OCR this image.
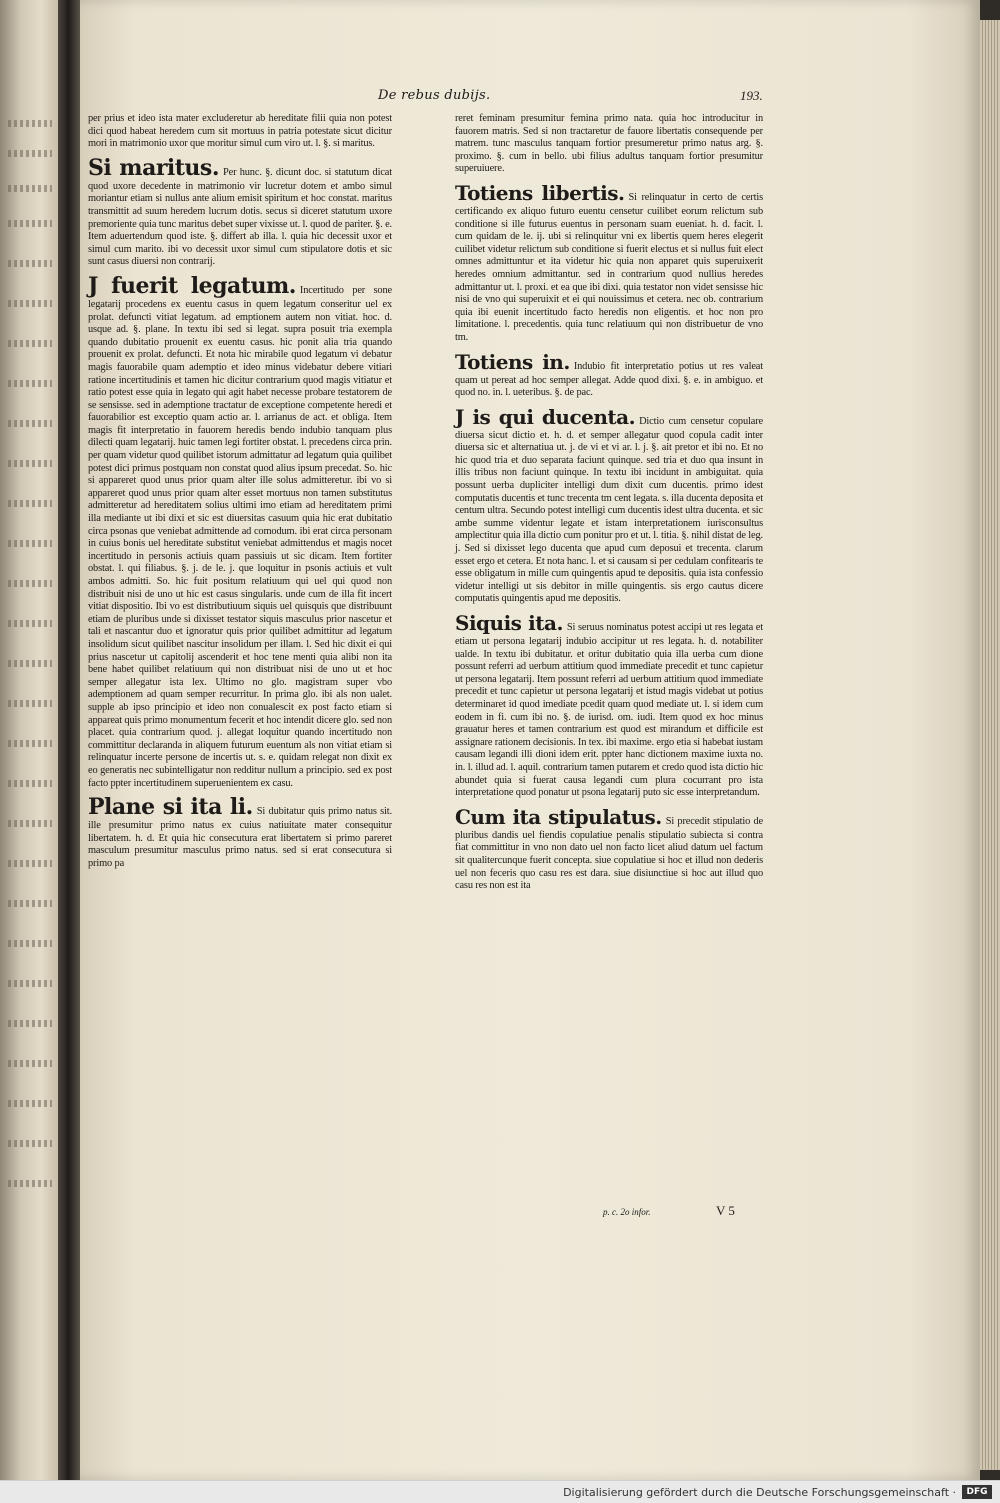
De rebus dubijs.	193.

per prius et ideo ista mater excluderetur ab hereditate filii quia non potest dici quod habeat heredem cum sit mortuus in patria potestate sicut dicitur mori in matrimonio uxor que moritur simul cum viro ut. l. §. si maritus.

Si maritus. Per hunc. §. dicunt doc. si statutum dicat quod uxore decedente in matrimonio vir lucretur dotem et ambo simul moriantur etiam si nullus ante alium emisit spiritum et hoc constat. maritus transmittit ad suum heredem lucrum dotis. secus si diceret statutum uxore premoriente quia tunc maritus debet super vixisse ut. l. quod de pariter. §. e. Item aduertendum quod iste. §. differt ab illa. l. quia hic decessit uxor et simul cum marito. ibi vo decessit uxor simul cum stipulatore dotis et sic sunt casus diuersi non contrarij.

J fuerit legatum. Incertitudo per sone legatarij procedens ex euentu casus in quem legatum conseritur uel ex prolat. defuncti vitiat legatum. ad emptionem autem non vitiat. hoc. d. usque ad. §. plane. In textu ibi sed si legat. supra posuit tria exempla quando dubitatio prouenit ex euentu casus. hic ponit alia tria quando prouenit ex prolat. defuncti. Et nota hic mirabile quod legatum vi debatur magis fauorabile quam ademptio et ideo minus videbatur debere vitiari ratione incertitudinis et tamen hic dicitur contrarium quod magis vitiatur et ratio potest esse quia in legato qui agit habet necesse probare testatorem de se sensisse. sed in ademptione tractatur de exceptione competente heredi et fauorabilior est exceptio quam actio ar. l. arrianus de act. et obliga. Item magis fit interpretatio in fauorem heredis bendo indubio tanquam plus dilecti quam legatarij. huic tamen legi fortiter obstat. l. precedens circa prin. per quam videtur quod quilibet istorum admittatur ad legatum quia quilibet potest dici primus postquam non constat quod alius ipsum precedat. So. hic si appareret quod unus prior quam alter ille solus admitteretur. ibi vo si appareret quod unus prior quam alter esset mortuus non tamen substitutus admitteretur ad hereditatem solius ultimi imo etiam ad hereditatem primi illa mediante ut ibi dixi et sic est diuersitas casuum quia hic erat dubitatio circa psonas que veniebat admittende ad comodum. ibi erat circa personam in cuius bonis uel hereditate substitut veniebat admittendus et magis nocet incertitudo in personis actiuis quam passiuis ut sic dicam. Item fortiter obstat. l. qui filiabus. §. j. de le. j. que loquitur in psonis actiuis et vult ambos admitti. So. hic fuit positum relatiuum qui uel qui quod non distribuit nisi de uno ut hic est casus singularis. unde cum de illa fit incert vitiat dispositio. Ibi vo est distributiuum siquis uel quisquis que distribuunt etiam de pluribus unde si dixisset testator siquis masculus prior nascetur et tali et nascantur duo et ignoratur quis prior quilibet admittitur ad legatum insolidum sicut quilibet nascitur insolidum per illam. l. Sed hic dixit ei qui prius nascetur ut capitolij ascenderit et hoc tene menti quia alibi non ita bene habet quilibet relatiuum qui non distribuat nisi de uno ut et hoc semper allegatur ista lex. Ultimo no glo. magistram super vbo ademptionem ad quam semper recurritur. In prima glo. ibi als non ualet. supple ab ipso principio et ideo non conualescit ex post facto etiam si appareat quis primo monumentum fecerit et hoc intendit dicere glo. sed non placet. quia contrarium quod. j. allegat loquitur quando incertitudo non committitur declaranda in aliquem futurum euentum als non vitiat etiam si relinquatur incerte persone de incertis ut. s. e. quidam relegat non dixit ex eo generatis nec subintelligatur non redditur nullum a principio. sed ex post facto ppter incertitudinem superuenientem ex casu.

Plane si ita li. Si dubitatur quis primo natus sit. ille presumitur primo natus ex cuius natiuitate mater consequitur libertatem. h. d. Et quia hic consecutura erat libertatem si primo pareret masculum presumitur masculus primo natus. sed si erat consecutura si primo pa

reret feminam presumitur femina primo nata. quia hoc introducitur in fauorem matris. Sed si non tractaretur de fauore libertatis consequende per matrem. tunc masculus tanquam fortior presumeretur primo natus arg. §. proximo. §. cum in bello. ubi filius adultus tanquam fortior presumitur superuiuere.

Totiens libertis. Si relinquatur in certo de certis certificando ex aliquo futuro euentu censetur cuilibet eorum relictum sub conditione si ille futurus euentus in personam suam eueniat. h. d. facit. l. cum quidam de le. ij. ubi si relinquitur vni ex libertis quem heres elegerit cuilibet videtur relictum sub conditione si fuerit electus et si nullus fuit elect omnes admittuntur et ita videtur hic quia non apparet quis superuixerit heredes omnium admittantur. sed in contrarium quod nullius heredes admittantur ut. l. proxi. et ea que ibi dixi. quia testator non videt sensisse hic nisi de vno qui superuixit et ei qui nouissimus et cetera. nec ob. contrarium quia ibi euenit incertitudo facto heredis non eligentis. et hoc non pro limitatione. l. precedentis. quia tunc relatiuum qui non distribuetur de vno tm.

Totiens in. Indubio fit interpretatio potius ut res valeat quam ut pereat ad hoc semper allegat. Adde quod dixi. §. e. in ambiguo. et quod no. in. l. ueteribus. §. de pac.

J is qui ducenta. Dictio cum censetur copulare diuersa sicut dictio et. h. d. et semper allegatur quod copula cadit inter diuersa sic et alternatiua ut. j. de vi et vi ar. l. j. §. ait pretor et ibi no. Et no hic quod tria et duo separata faciunt quinque. sed tria et duo qua insunt in illis tribus non faciunt quinque. In textu ibi incidunt in ambiguitat. quia possunt uerba dupliciter intelligi dum dixit cum ducentis. primo idest computatis ducentis et tunc trecenta tm cent legata. s. illa ducenta deposita et centum ultra. Secundo potest intelligi cum ducentis idest ultra ducenta. et sic ambe summe videntur legate et istam interpretationem iurisconsultus amplectitur quia illa dictio cum ponitur pro et ut. l. titia. §. nihil distat de leg. j. Sed si dixisset lego ducenta que apud cum deposui et trecenta. clarum esset ergo et cetera. Et nota hanc. l. et si causam si per cedulam confitearis te esse obligatum in mille cum quingentis apud te depositis. quia ista confessio videtur intelligi ut sis debitor in mille quingentis. sis ergo cautus dicere computatis quingentis apud me depositis.

Siquis ita. Si seruus nominatus potest accipi ut res legata et etiam ut persona legatarij indubio accipitur ut res legata. h. d. notabiliter ualde. In textu ibi dubitatur. et oritur dubitatio quia illa uerba cum dione possunt referri ad uerbum attitium quod immediate precedit et tunc capietur ut persona legatarij. Item possunt referri ad uerbum attitium quod immediate precedit et tunc capietur ut persona legatarij et istud magis videbat ut potius determinaret id quod imediate pcedit quam quod mediate ut. l. si idem cum eodem in fi. cum ibi no. §. de iurisd. om. iudi. Item quod ex hoc minus grauatur heres et tamen contrarium est quod est mirandum et difficile est assignare rationem decisionis. In tex. ibi maxime. ergo etia si habebat iustam causam legandi illi dioni idem erit. ppter hanc dictionem maxime iuxta no. in. l. illud ad. l. aquil. contrarium tamen putarem et credo quod ista dictio hic abundet quia si fuerat causa legandi cum plura cocurrant pro ista interpretatione quod ponatur ut psona legatarij puto sic esse interpretandum.

Cum ita stipulatus. Si precedit stipulatio de pluribus dandis uel fiendis copulatiue penalis stipulatio subiecta si contra fiat committitur in vno non dato uel non facto licet aliud datum uel factum sit qualitercunque fuerit concepta. siue copulatiue si hoc et illud non dederis uel non feceris quo casu res est dara. siue disiunctiue si hoc aut illud quo casu res non est ita

p. c. 2o infor.	V 5
Digitalisierung gefördert durch die Deutsche Forschungsgemeinschaft ·	DFG
